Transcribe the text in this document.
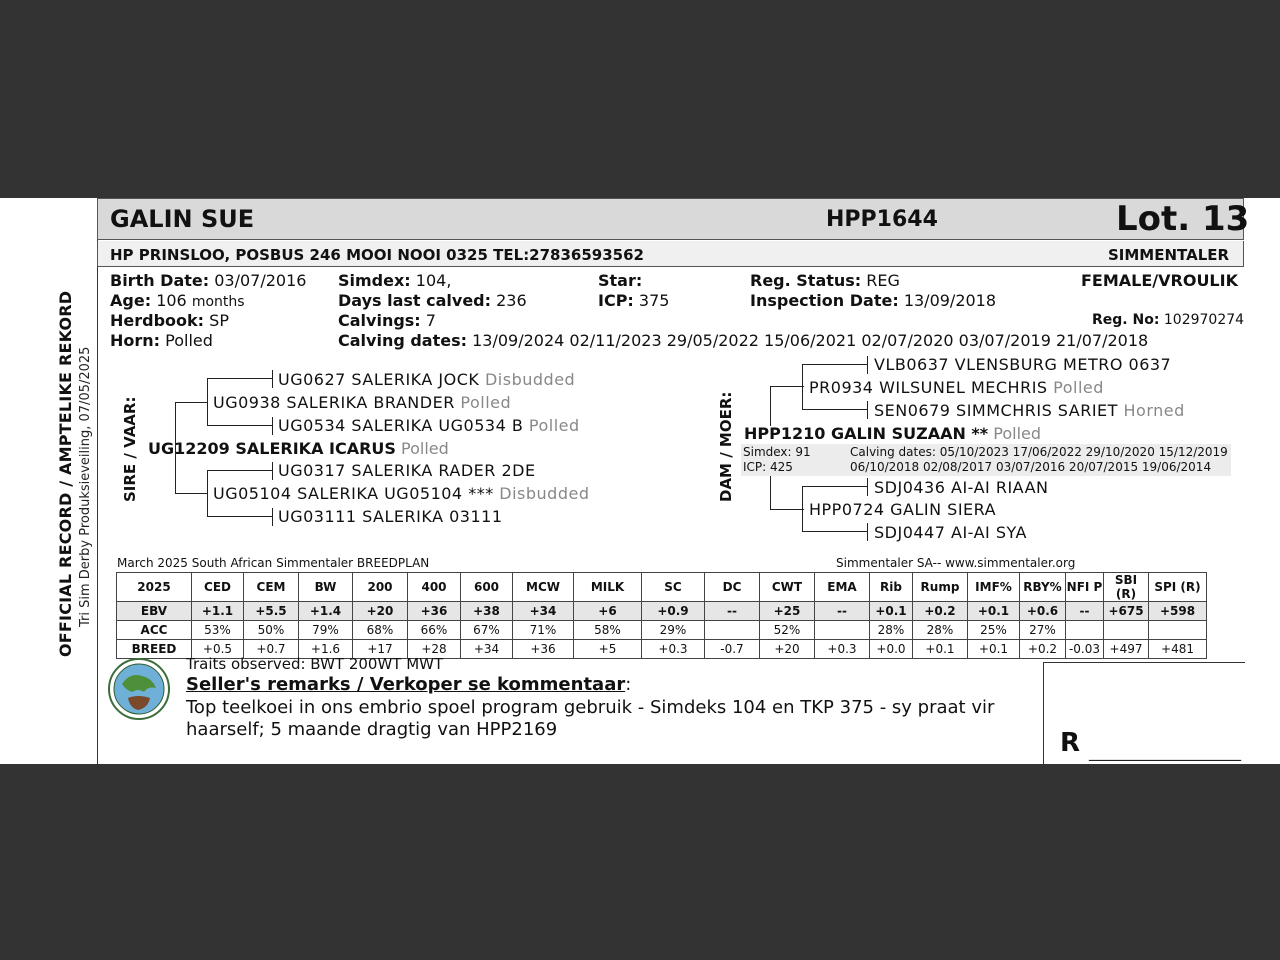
OFFICIAL RECORD / AMPTELIKE REKORD Tri Sim Derby Produksieveiling, 07/05/2025
GALIN SUE	HPP1644	Lot. 13
HP PRINSLOO, POSBUS 246 MOOI NOOI 0325 TEL:27836593562	SIMMENTALER
Birth Date: 03/07/2016
Age: 106 months
Herdbook: SP
Horn: Polled
Simdex: 104,
Days last calved: 236
Calvings: 7
Calving dates: 13/09/2024 02/11/2023 29/05/2022 15/06/2021 02/07/2020 03/07/2019 21/07/2018
Star:
ICP: 375
Reg. Status: REG
Inspection Date: 13/09/2018
FEMALE/VROULIK
Reg. No: 102970274
SIRE / VAAR:
UG0627 SALERIKA JOCK Disbudded
UG0938 SALERIKA BRANDER Polled
UG0534 SALERIKA UG0534 B Polled
UG12209 SALERIKA ICARUS Polled
UG0317 SALERIKA RADER 2DE
UG05104 SALERIKA UG05104 *** Disbudded
UG03111 SALERIKA 03111
DAM / MOER:
VLB0637 VLENSBURG METRO 0637
PR0934 WILSUNEL MECHRIS Polled
SEN0679 SIMMCHRIS SARIET Horned
HPP1210 GALIN SUZAAN ** Polled
Simdex: 91
ICP: 425
Calving dates: 05/10/2023 17/06/2022 29/10/2020 15/12/2019
06/10/2018 02/08/2017 03/07/2016 20/07/2015 19/06/2014
SDJ0436 AI-AI RIAAN
HPP0724 GALIN SIERA
SDJ0447 AI-AI SYA
March 2025 South African Simmentaler BREEDPLAN	Simmentaler SA-- www.simmentaler.org
2025	CED	CEM	BW	200	400	600	MCW	MILK	SC	DC	CWT	EMA	Rib	Rump	IMF%	RBY%	NFI P	SBI (R)	SPI (R)
EBV	+1.1	+5.5	+1.4	+20	+36	+38	+34	+6	+0.9	--	+25	--	+0.1	+0.2	+0.1	+0.6	--	+675	+598
ACC	53%	50%	79%	68%	66%	67%	71%	58%	29%		52%		28%	28%	25%	27%			
BREED	+0.5	+0.7	+1.6	+17	+28	+34	+36	+5	+0.3	-0.7	+20	+0.3	+0.0	+0.1	+0.1	+0.2	-0.03	+497	+481
Traits observed: BWT 200WT MWT
Seller's remarks / Verkoper se kommentaar:
Top teelkoei in ons embrio spoel program gebruik - Simdeks 104 en TKP 375 - sy praat vir
haarself; 5 maande dragtig van HPP2169	R ___________________
